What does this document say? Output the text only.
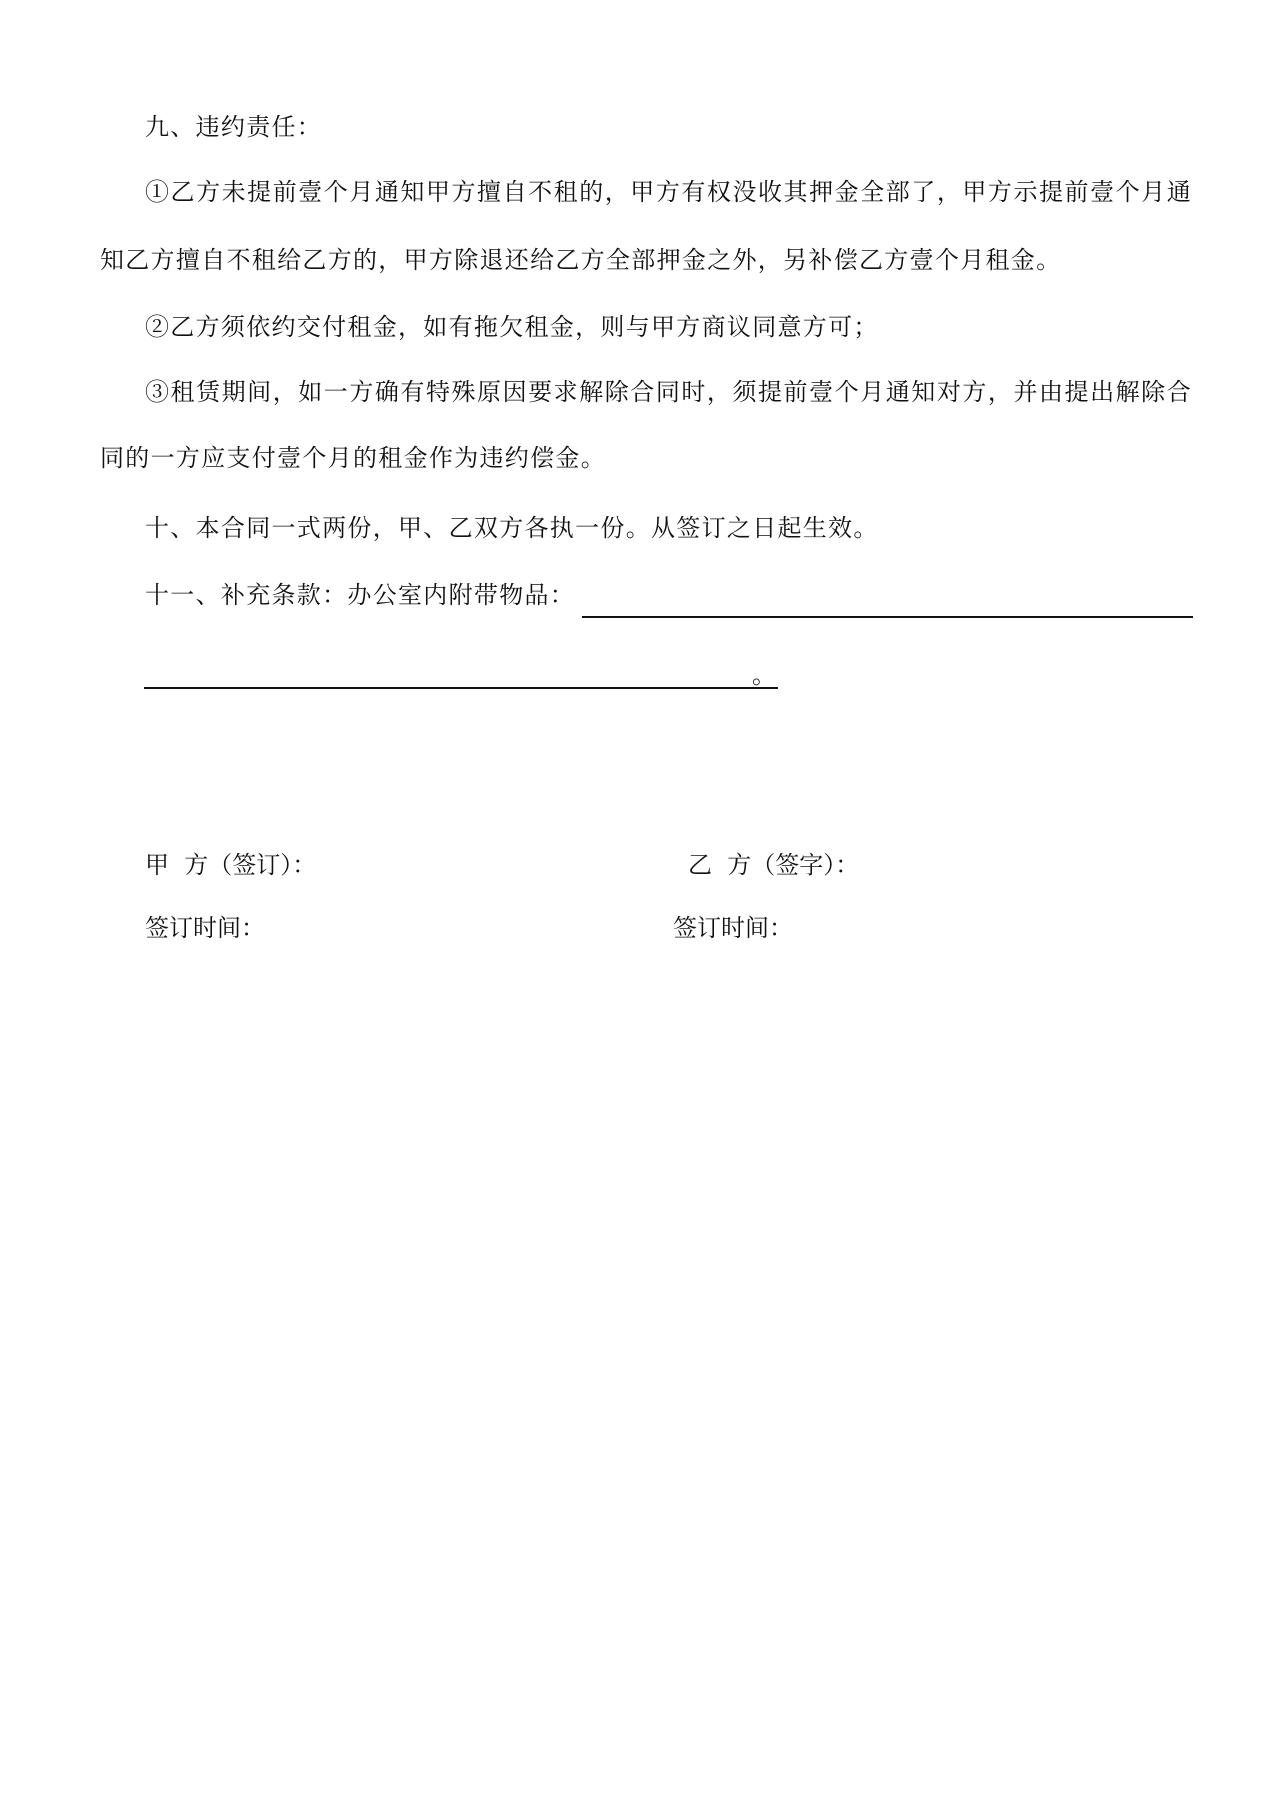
九、违约责任：
①乙方未提前壹个月通知甲方擅自不租的，甲方有权没收其押金全部了，甲方示提前壹个月通
知乙方擅自不租给乙方的，甲方除退还给乙方全部押金之外，另补偿乙方壹个月租金。
②乙方须依约交付租金，如有拖欠租金，则与甲方商议同意方可；
③租赁期间，如一方确有特殊原因要求解除合同时，须提前壹个月通知对方，并由提出解除合
同的一方应支付壹个月的租金作为违约偿金。
十、本合同一式两份，甲、乙双方各执一份。从签订之日起生效。
十一、补充条款：办公室内附带物品：
。
甲  方（签订）：	乙  方（签字）：
签订时间：	签订时间：
